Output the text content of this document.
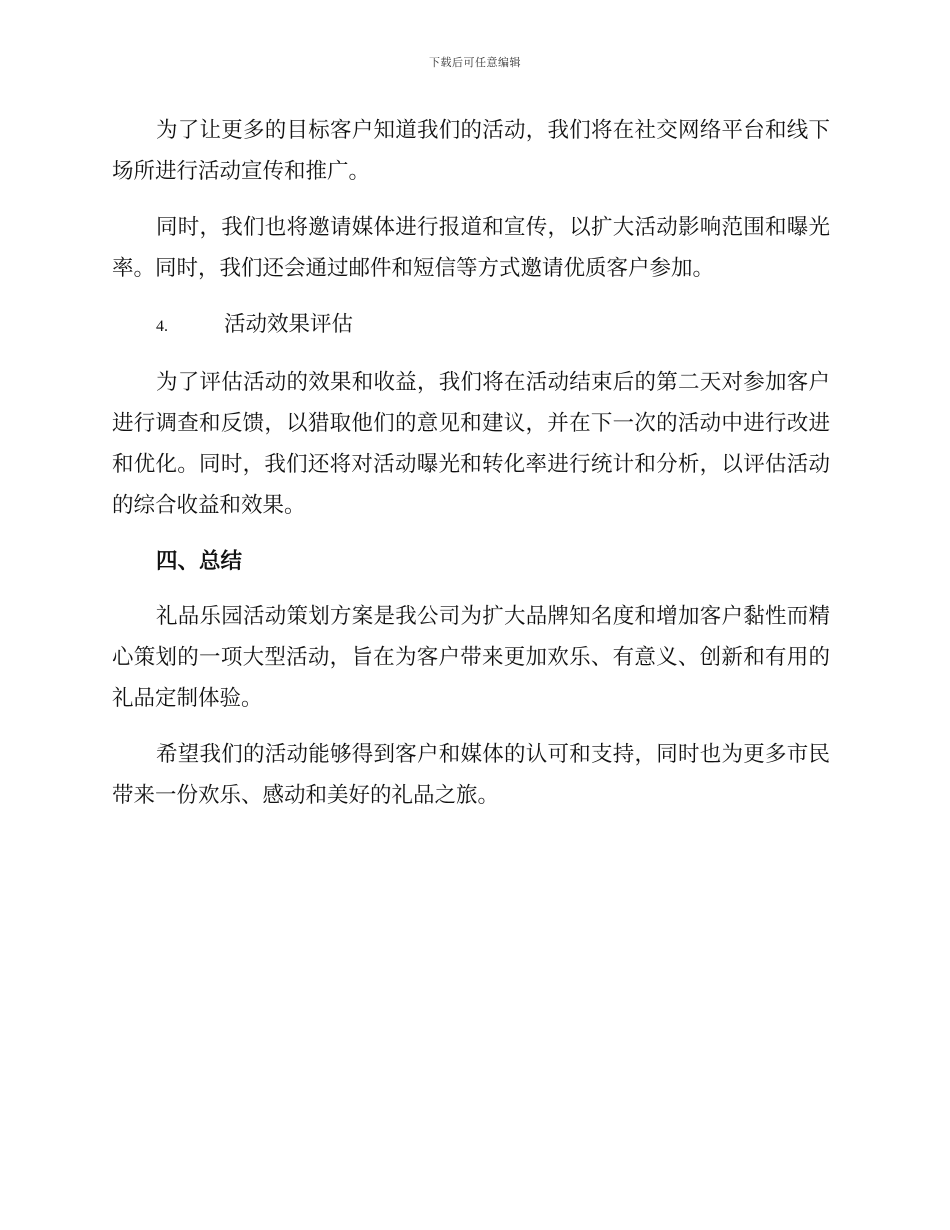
下载后可任意编辑

为了让更多的目标客户知道我们的活动，我们将在社交网络平台和线下场所进行活动宣传和推广。

同时，我们也将邀请媒体进行报道和宣传，以扩大活动影响范围和曝光率。同时，我们还会通过邮件和短信等方式邀请优质客户参加。

4.	活动效果评估

为了评估活动的效果和收益，我们将在活动结束后的第二天对参加客户进行调查和反馈，以猎取他们的意见和建议，并在下一次的活动中进行改进和优化。同时，我们还将对活动曝光和转化率进行统计和分析，以评估活动的综合收益和效果。

四、总结

礼品乐园活动策划方案是我公司为扩大品牌知名度和增加客户黏性而精心策划的一项大型活动，旨在为客户带来更加欢乐、有意义、创新和有用的礼品定制体验。

希望我们的活动能够得到客户和媒体的认可和支持，同时也为更多市民带来一份欢乐、感动和美好的礼品之旅。
